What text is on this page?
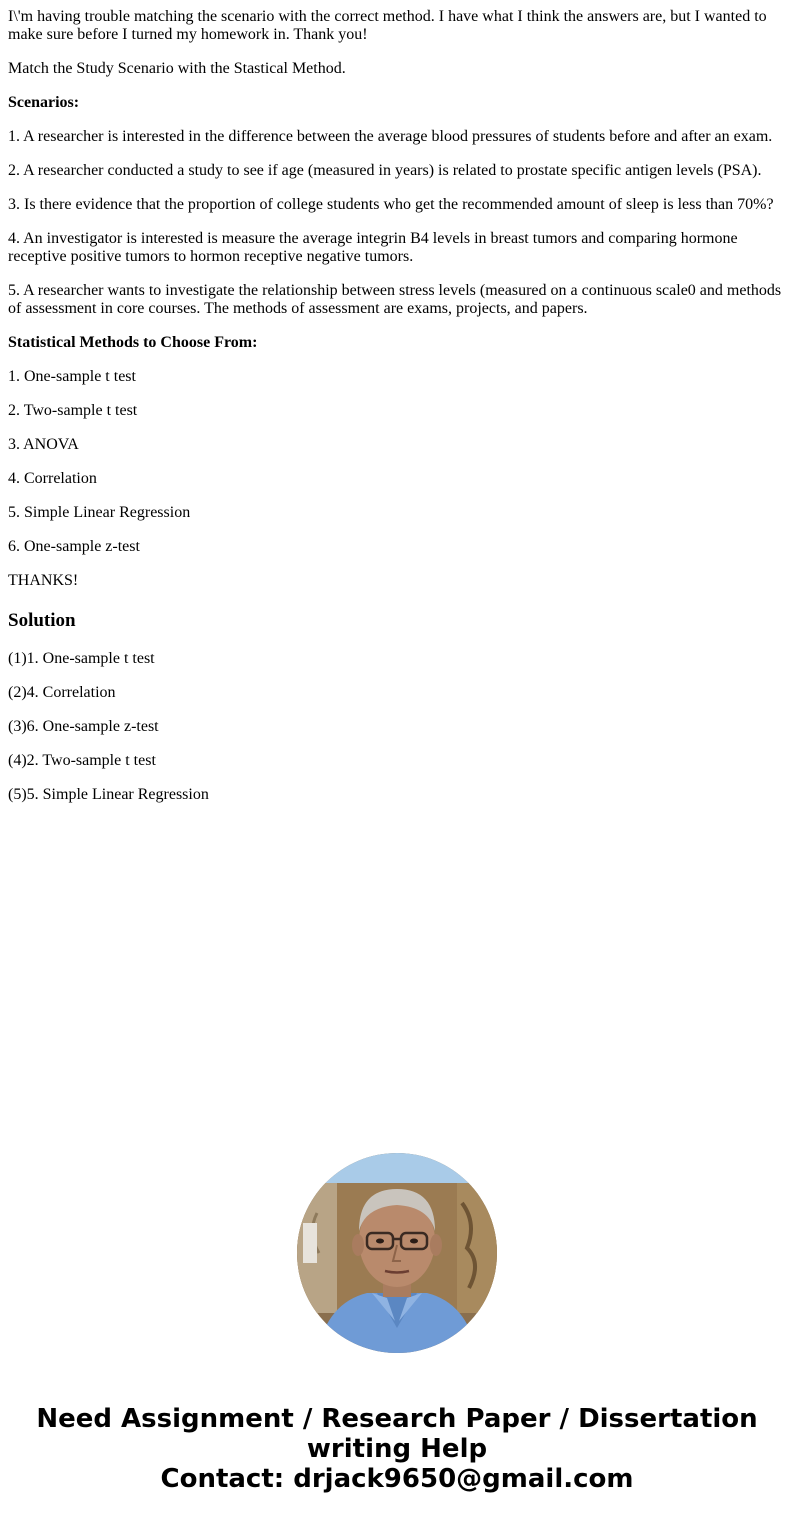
I\'m having trouble matching the scenario with the correct method. I have what I think the answers are, but I wanted to make sure before I turned my homework in. Thank you!

Match the Study Scenario with the Stastical Method.

Scenarios:

1. A researcher is interested in the difference between the average blood pressures of students before and after an exam.

2. A researcher conducted a study to see if age (measured in years) is related to prostate specific antigen levels (PSA).

3. Is there evidence that the proportion of college students who get the recommended amount of sleep is less than 70%?

4. An investigator is interested is measure the average integrin B4 levels in breast tumors and comparing hormone receptive positive tumors to hormon receptive negative tumors.

5. A researcher wants to investigate the relationship between stress levels (measured on a continuous scale0 and methods of assessment in core courses. The methods of assessment are exams, projects, and papers.

Statistical Methods to Choose From:

1. One-sample t test

2. Two-sample t test

3. ANOVA

4. Correlation

5. Simple Linear Regression

6. One-sample z-test

THANKS!

Solution

(1)1. One-sample t test

(2)4. Correlation

(3)6. One-sample z-test

(4)2. Two-sample t test

(5)5. Simple Linear Regression

Need Assignment / Research Paper / Dissertation
writing Help
Contact: drjack9650@gmail.com
